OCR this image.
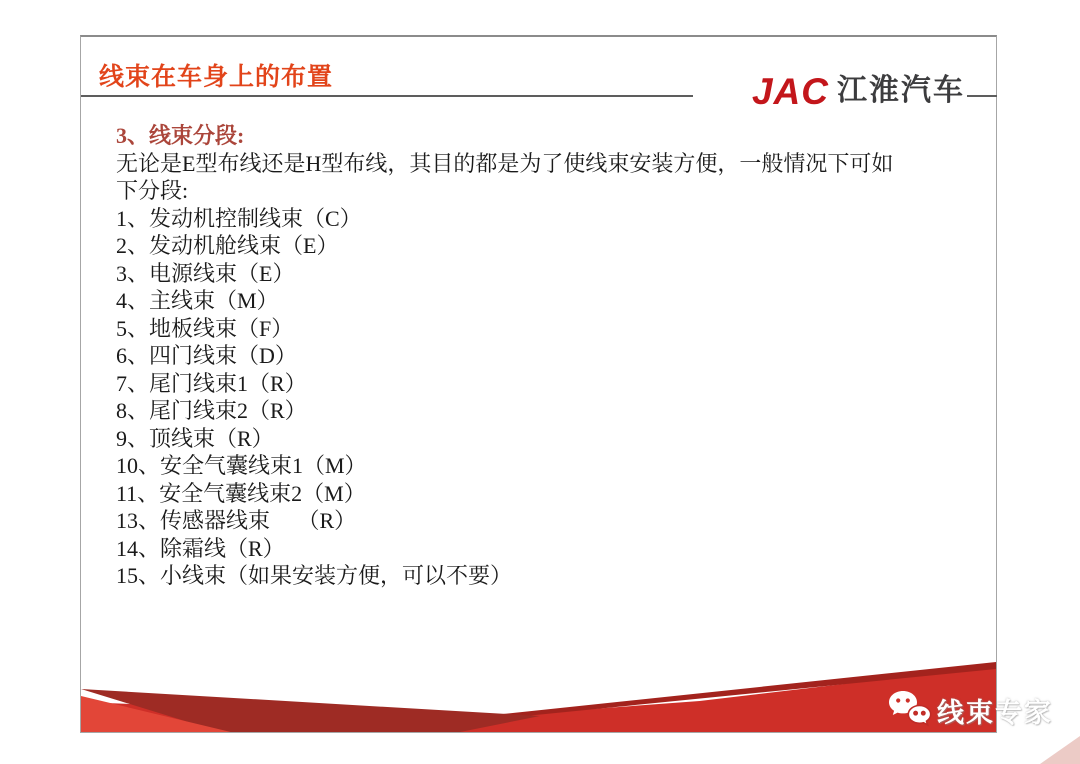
线束在车身上的布置	JAC 江淮汽车
3、线束分段:
无论是E型布线还是H型布线，其目的都是为了使线束安装方便，一般情况下可如
下分段:
1、发动机控制线束（C）
2、发动机舱线束（E）
3、电源线束（E）
4、主线束（M）
5、地板线束（F）
6、四门线束（D）
7、尾门线束1（R）
8、尾门线束2（R）
9、顶线束（R）
10、安全气囊线束1（M）
11、安全气囊线束2（M）
13、传感器线束　 （R）
14、除霜线（R）
15、小线束（如果安装方便，可以不要）
线束专家
